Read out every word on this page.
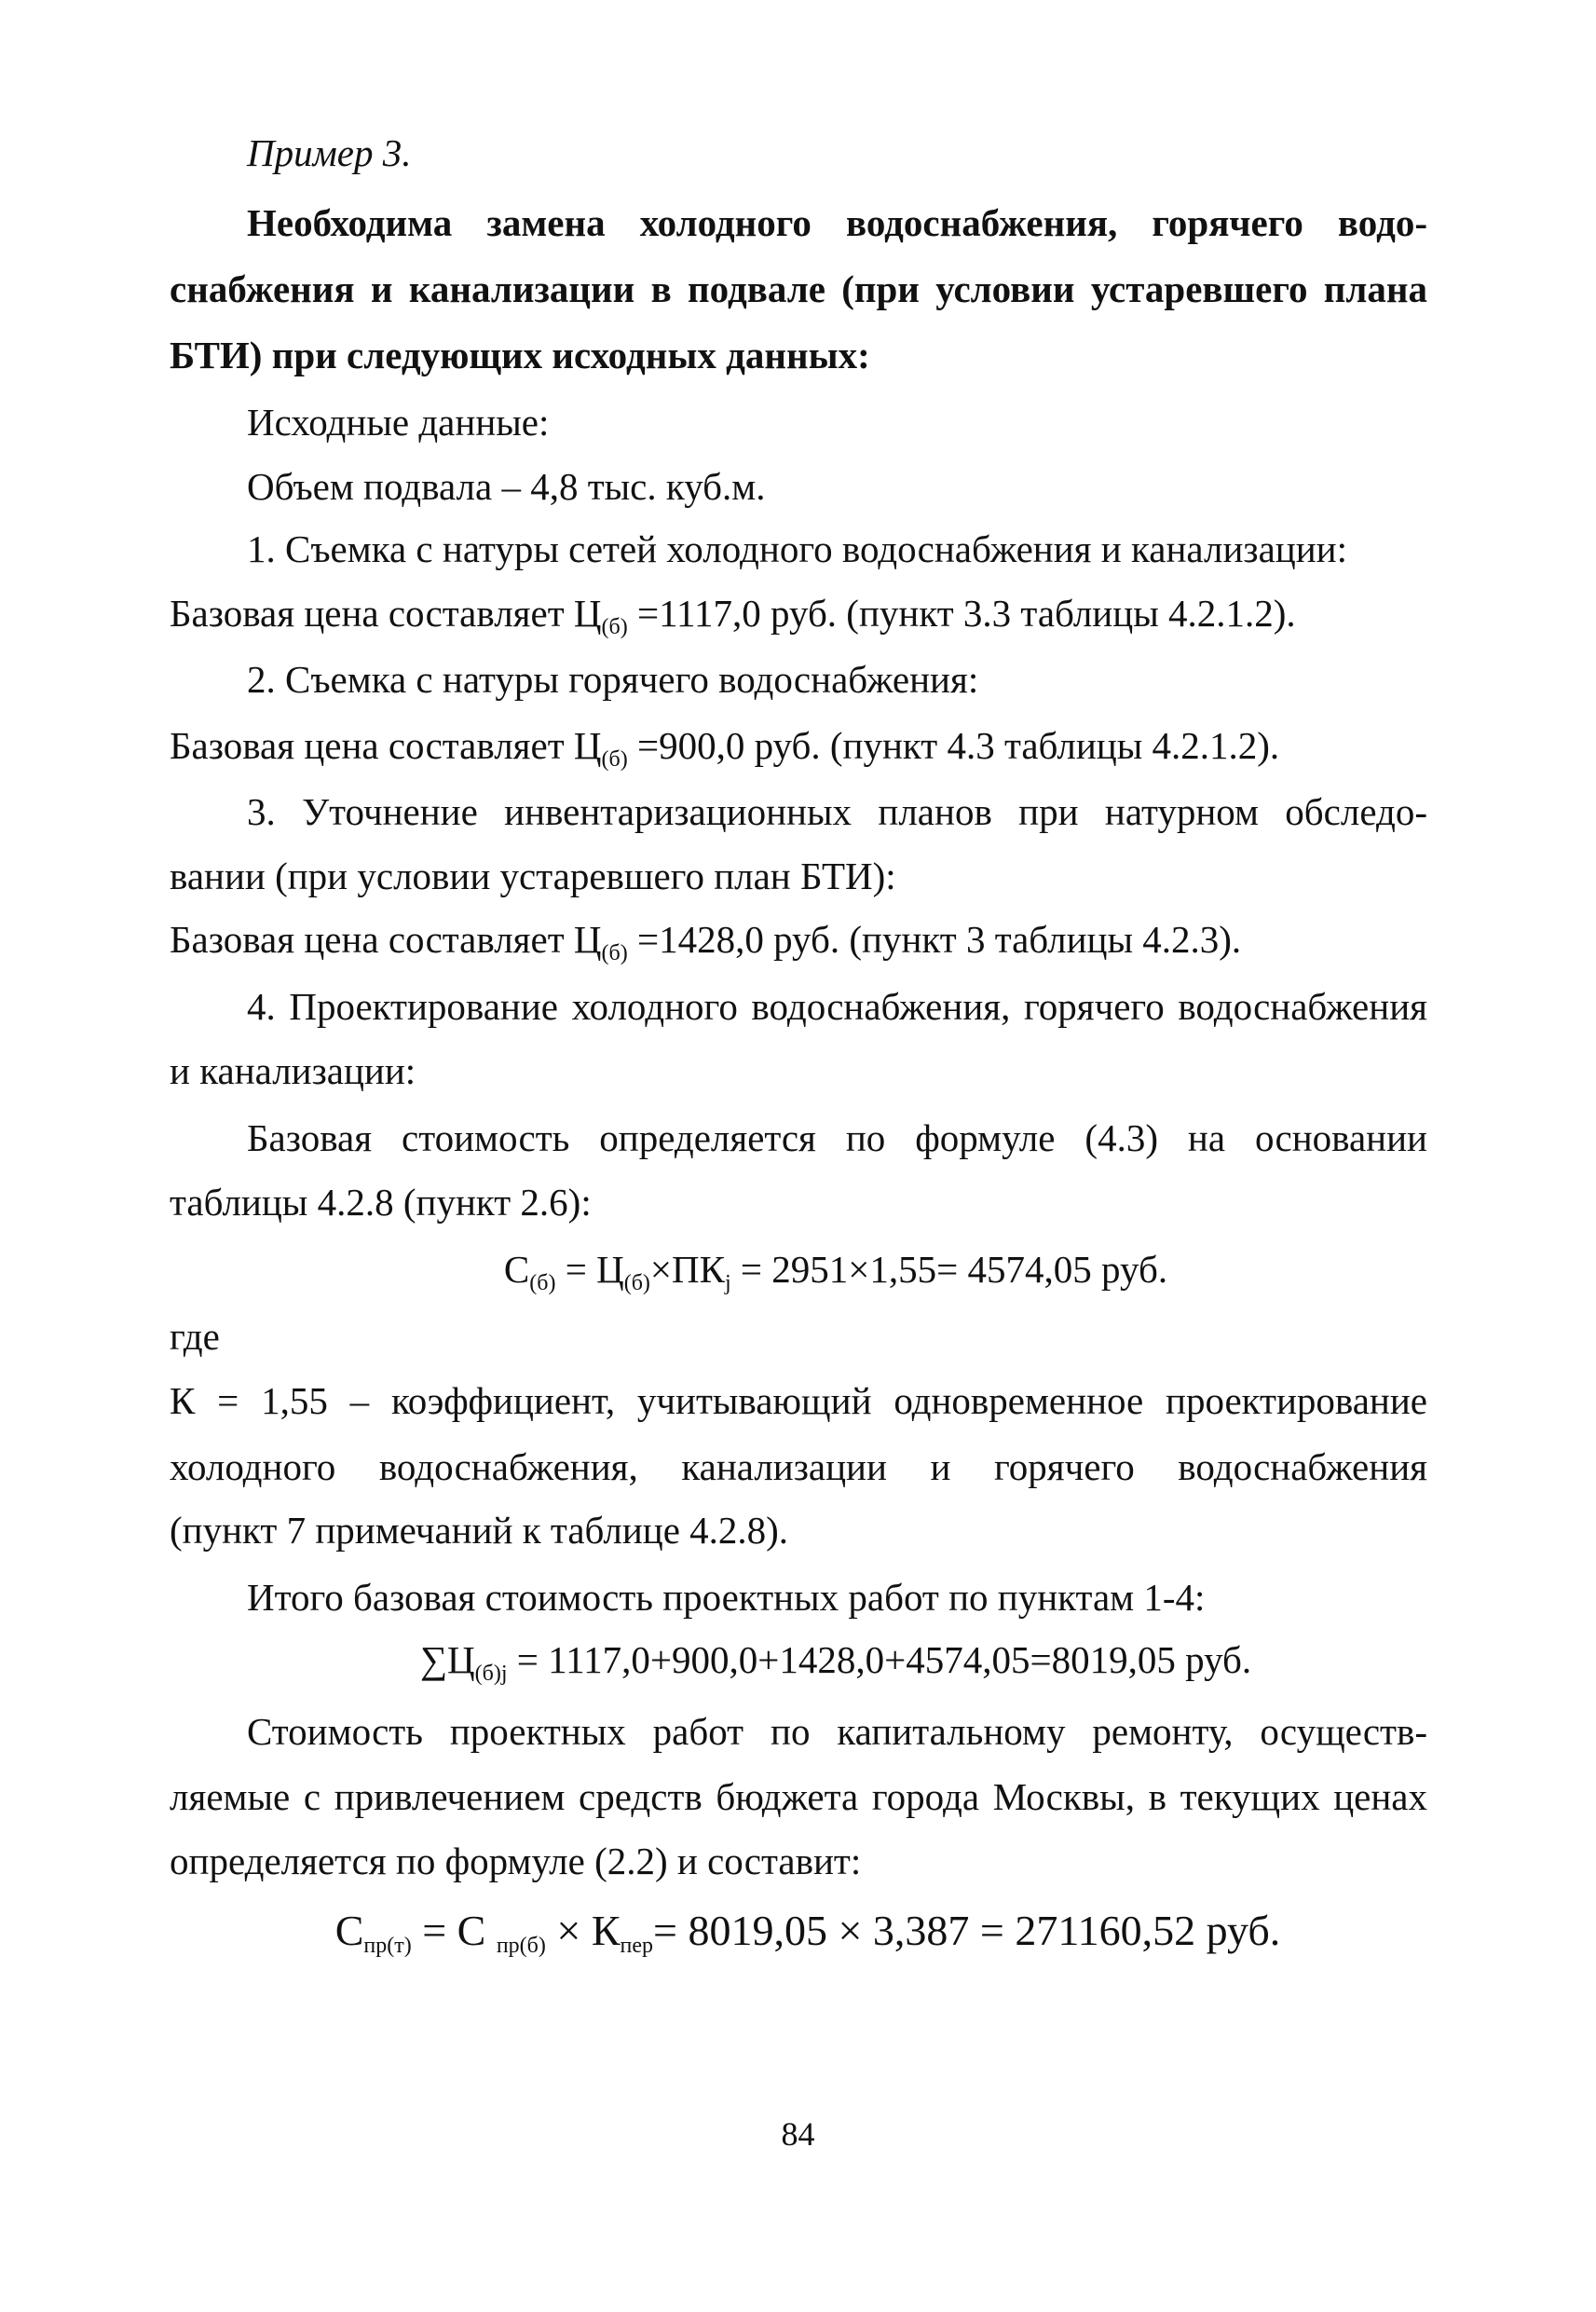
Пример 3.
Необходима замена холодного водоснабжения, горячего водо-
снабжения и канализации в подвале (при условии устаревшего плана
БТИ) при следующих исходных данных:
Исходные данные:
Объем подвала – 4,8 тыс. куб.м.
1. Съемка с натуры сетей холодного водоснабжения и канализации:
Базовая цена составляет $Ц_{(б)} =1117,0$ руб. (пункт 3.3 таблицы 4.2.1.2).
2. Съемка с натуры горячего водоснабжения:
Базовая цена составляет $Ц_{(б)} =900,0$ руб. (пункт 4.3 таблицы 4.2.1.2).
3. Уточнение инвентаризационных планов при натурном обследо-
вании (при условии устаревшего план БТИ):
Базовая цена составляет $Ц_{(б)} =1428,0$ руб. (пункт 3 таблицы 4.2.3).
4. Проектирование холодного водоснабжения, горячего водоснабжения
и канализации:
Базовая стоимость определяется по формуле (4.3) на основании
таблицы 4.2.8 (пункт 2.6):
$С_{(б)} = Ц_{(б)}\times ПК_j = 2951\times 1,55= 4574,05$ руб.
где
К = 1,55 – коэффициент, учитывающий одновременное проектирование
холодного водоснабжения, канализации и горячего водоснабжения
(пункт 7 примечаний к таблице 4.2.8).
Итого базовая стоимость проектных работ по пунктам 1-4:
$\sum Ц_{(б)j} = 1117,0+900,0+1428,0+4574,05=8019,05$ руб.
Стоимость проектных работ по капитальному ремонту, осуществ-
ляемые с привлечением средств бюджета города Москвы, в текущих ценах
определяется по формуле (2.2) и составит:
$С_{пр(т)} = С$ $_{пр(б)} \times К_{пер}= 8019,05 \times 3,387 = 271160,52$ руб.
84
